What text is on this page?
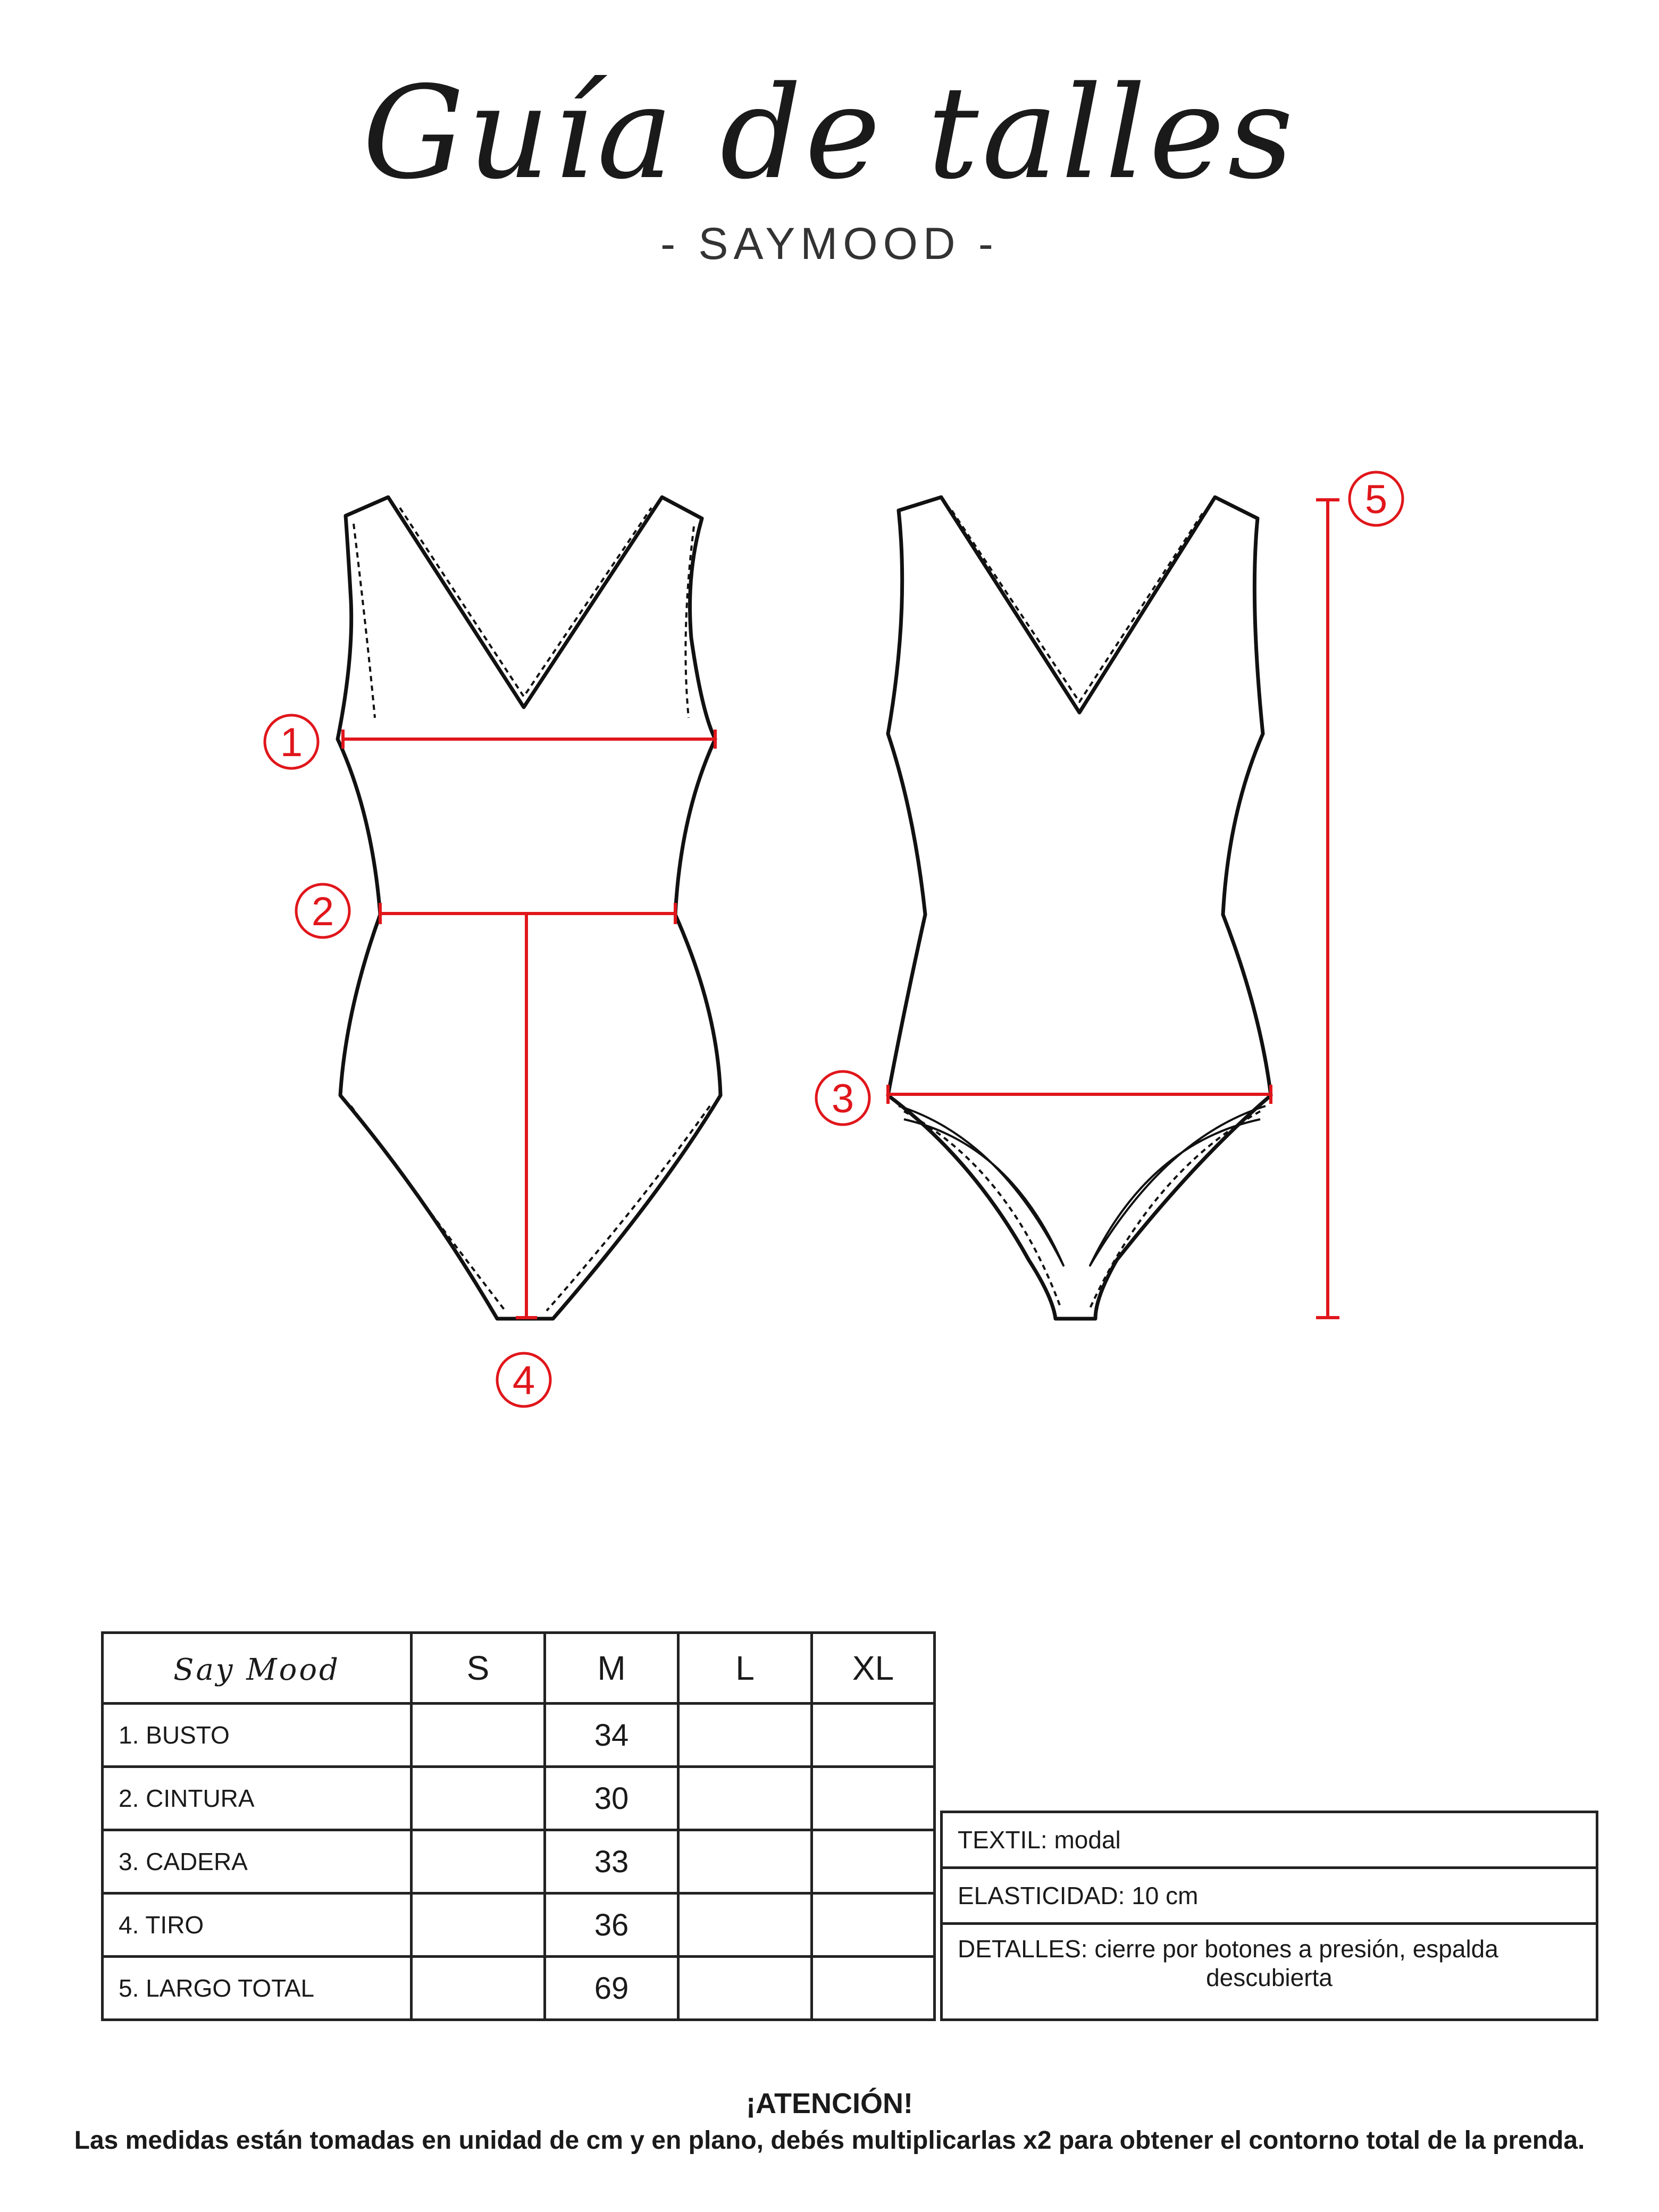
Guía de talles
- SAYMOOD -
1
2
3
4
5
Say Mood	S	M	L	XL
1. BUSTO		34		
2. CINTURA		30		
3. CADERA		33		
4. TIRO		36		
5. LARGO TOTAL		69		
TEXTIL: modal
ELASTICIDAD: 10 cm

DETALLES: cierre por botones a presión, espalda
descubierta
¡ATENCIÓN!
Las medidas están tomadas en unidad de cm y en plano, debés multiplicarlas x2 para obtener el contorno total de la prenda.
